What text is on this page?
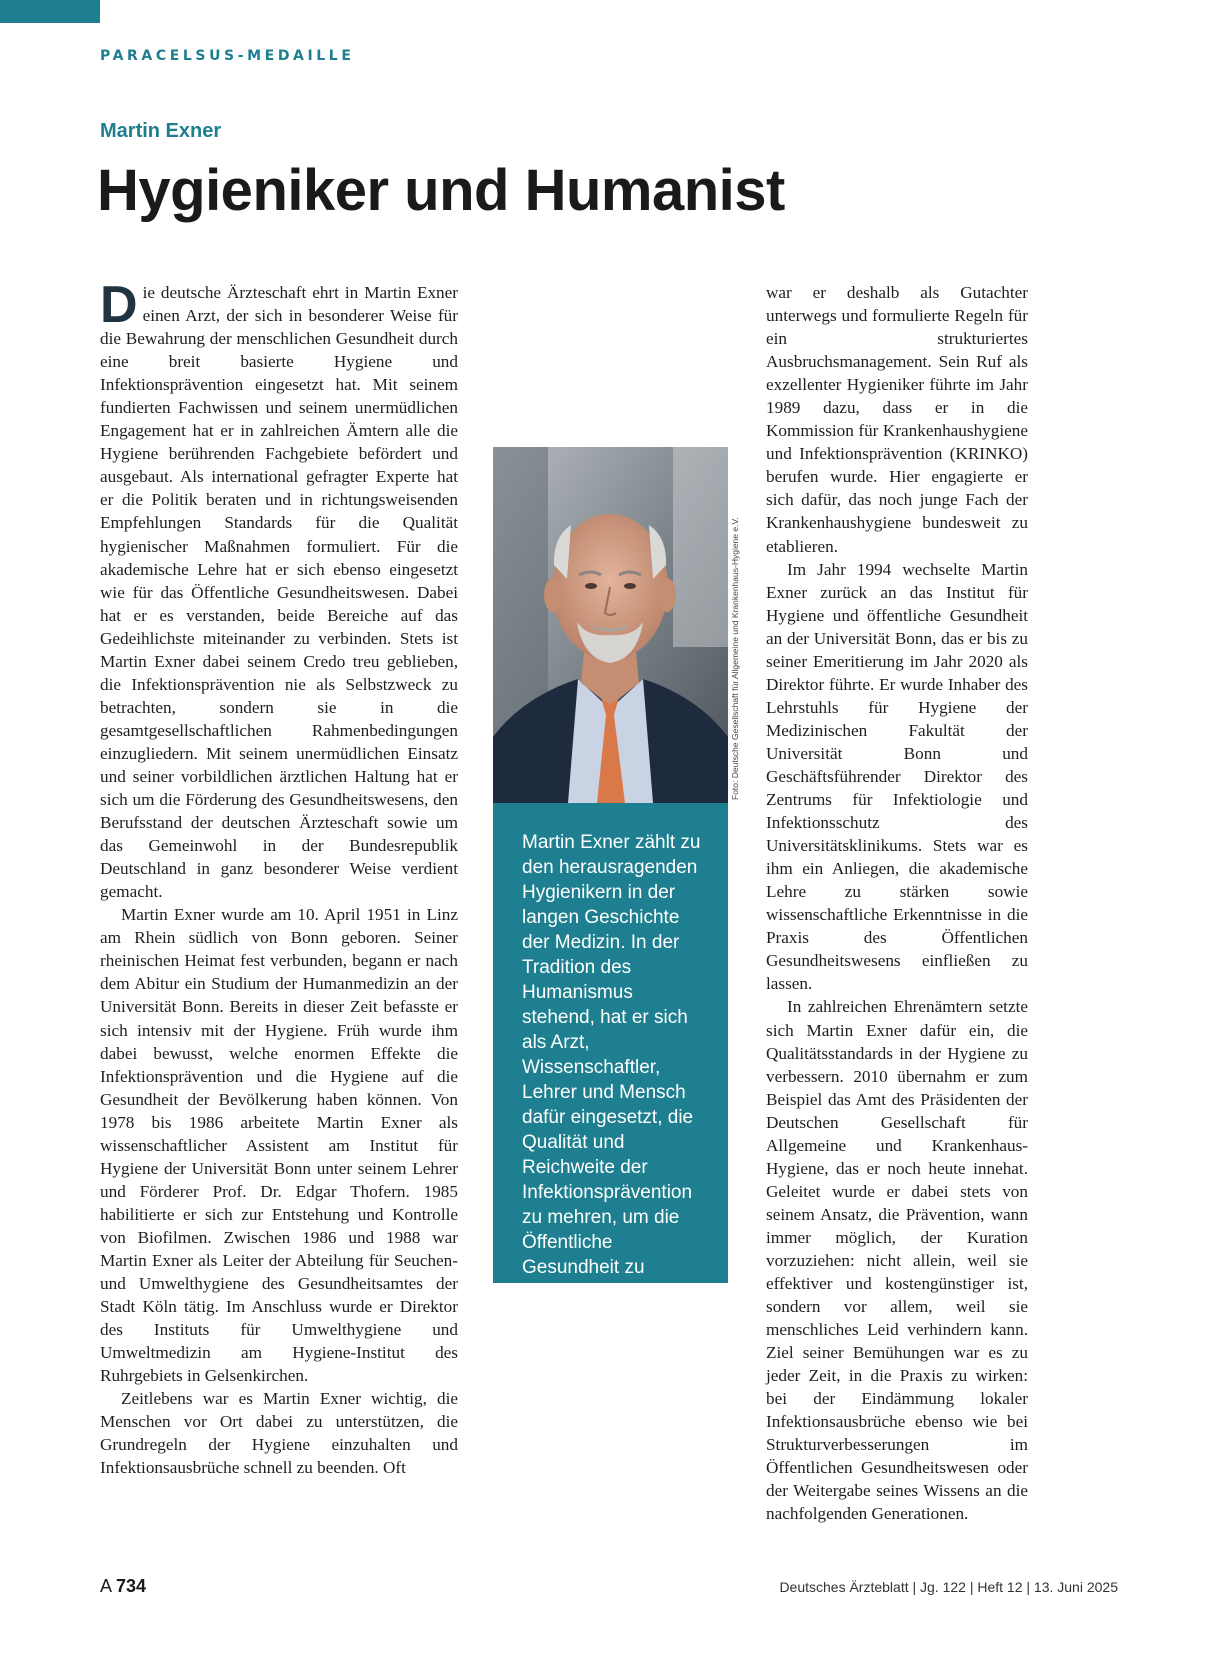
PARACELSUS-MEDAILLE
Martin Exner
Hygieniker und Humanist

Die deutsche Ärzteschaft ehrt in Martin Exner einen Arzt, der sich in besonderer Weise für die Bewahrung der menschlichen Gesundheit durch eine breit basierte Hygiene und Infektionsprävention eingesetzt hat. Mit seinem fundierten Fachwissen und seinem unermüdlichen Engagement hat er in zahlreichen Ämtern alle die Hygiene berührenden Fachgebiete befördert und ausgebaut. Als international gefragter Experte hat er die Politik beraten und in richtungsweisenden Empfehlungen Standards für die Qualität hygienischer Maßnahmen formuliert. Für die akademische Lehre hat er sich ebenso eingesetzt wie für das Öffentliche Gesundheitswesen. Dabei hat er es verstanden, beide Bereiche auf das Gedeihlichste miteinander zu verbinden. Stets ist Martin Exner dabei seinem Credo treu geblieben, die Infektionsprävention nie als Selbstzweck zu betrachten, sondern sie in die gesamtgesellschaftlichen Rahmenbedingungen einzugliedern. Mit seinem unermüdlichen Einsatz und seiner vorbildlichen ärztlichen Haltung hat er sich um die Förderung des Gesundheitswesens, den Berufsstand der deutschen Ärzteschaft sowie um das Gemeinwohl in der Bundesrepublik Deutschland in ganz besonderer Weise verdient gemacht.

Martin Exner wurde am 10. April 1951 in Linz am Rhein südlich von Bonn geboren. Seiner rheinischen Heimat fest verbunden, begann er nach dem Abitur ein Studium der Humanmedizin an der Universität Bonn. Bereits in dieser Zeit befasste er sich intensiv mit der Hygiene. Früh wurde ihm dabei bewusst, welche enormen Effekte die Infektionsprävention und die Hygiene auf die Gesundheit der Bevölkerung haben können. Von 1978 bis 1986 arbeitete Martin Exner als wissenschaftlicher Assistent am Institut für Hygiene der Universität Bonn unter seinem Lehrer und Förderer Prof. Dr. Edgar Thofern. 1985 habilitierte er sich zur Entstehung und Kontrolle von Biofilmen. Zwischen 1986 und 1988 war Martin Exner als Leiter der Abteilung für Seuchen- und Umwelthygiene des Gesundheitsamtes der Stadt Köln tätig. Im Anschluss wurde er Direktor des Instituts für Umwelthygiene und Umweltmedizin am Hygiene-Institut des Ruhrgebiets in Gelsenkirchen.

Zeitlebens war es Martin Exner wichtig, die Menschen vor Ort dabei zu unterstützen, die Grundregeln der Hygiene einzuhalten und Infektionsausbrüche schnell zu beenden. Oft

Foto: Deutsche Gesellschaft für Allgemeine und Krankenhaus-Hygiene e.V.

Martin Exner zählt zu den herausragenden Hygienikern in der langen Geschichte der Medizin. In der Tradition des Humanismus stehend, hat er sich als Arzt, Wissenschaftler, Lehrer und Mensch dafür eingesetzt, die Qualität und Reichweite der Infektionsprävention zu mehren, um die Öffentliche Gesundheit zu stärken.

war er deshalb als Gutachter unterwegs und formulierte Regeln für ein strukturiertes Ausbruchsmanagement. Sein Ruf als exzellenter Hygieniker führte im Jahr 1989 dazu, dass er in die Kommission für Krankenhaushygiene und Infektionsprävention (KRINKO) berufen wurde. Hier engagierte er sich dafür, das noch junge Fach der Krankenhaushygiene bundesweit zu etablieren.

Im Jahr 1994 wechselte Martin Exner zurück an das Institut für Hygiene und öffentliche Gesundheit an der Universität Bonn, das er bis zu seiner Emeritierung im Jahr 2020 als Direktor führte. Er wurde Inhaber des Lehrstuhls für Hygiene der Medizinischen Fakultät der Universität Bonn und Geschäftsführender Direktor des Zentrums für Infektiologie und Infektionsschutz des Universitätsklinikums. Stets war es ihm ein Anliegen, die akademische Lehre zu stärken sowie wissenschaftliche Erkenntnisse in die Praxis des Öffentlichen Gesundheitswesens einfließen zu lassen.

In zahlreichen Ehrenämtern setzte sich Martin Exner dafür ein, die Qualitätsstandards in der Hygiene zu verbessern. 2010 übernahm er zum Beispiel das Amt des Präsidenten der Deutschen Gesellschaft für Allgemeine und Krankenhaus-Hygiene, das er noch heute innehat. Geleitet wurde er dabei stets von seinem Ansatz, die Prävention, wann immer möglich, der Kuration vorzuziehen: nicht allein, weil sie effektiver und kostengünstiger ist, sondern vor allem, weil sie menschliches Leid verhindern kann. Ziel seiner Bemühungen war es zu jeder Zeit, in die Praxis zu wirken: bei der Eindämmung lokaler Infektionsausbrüche ebenso wie bei Strukturverbesserungen im Öffentlichen Gesundheitswesen oder der Weitergabe seines Wissens an die nachfolgenden Generationen.

A 734	Deutsches Ärzteblatt | Jg. 122 | Heft 12 | 13. Juni 2025
